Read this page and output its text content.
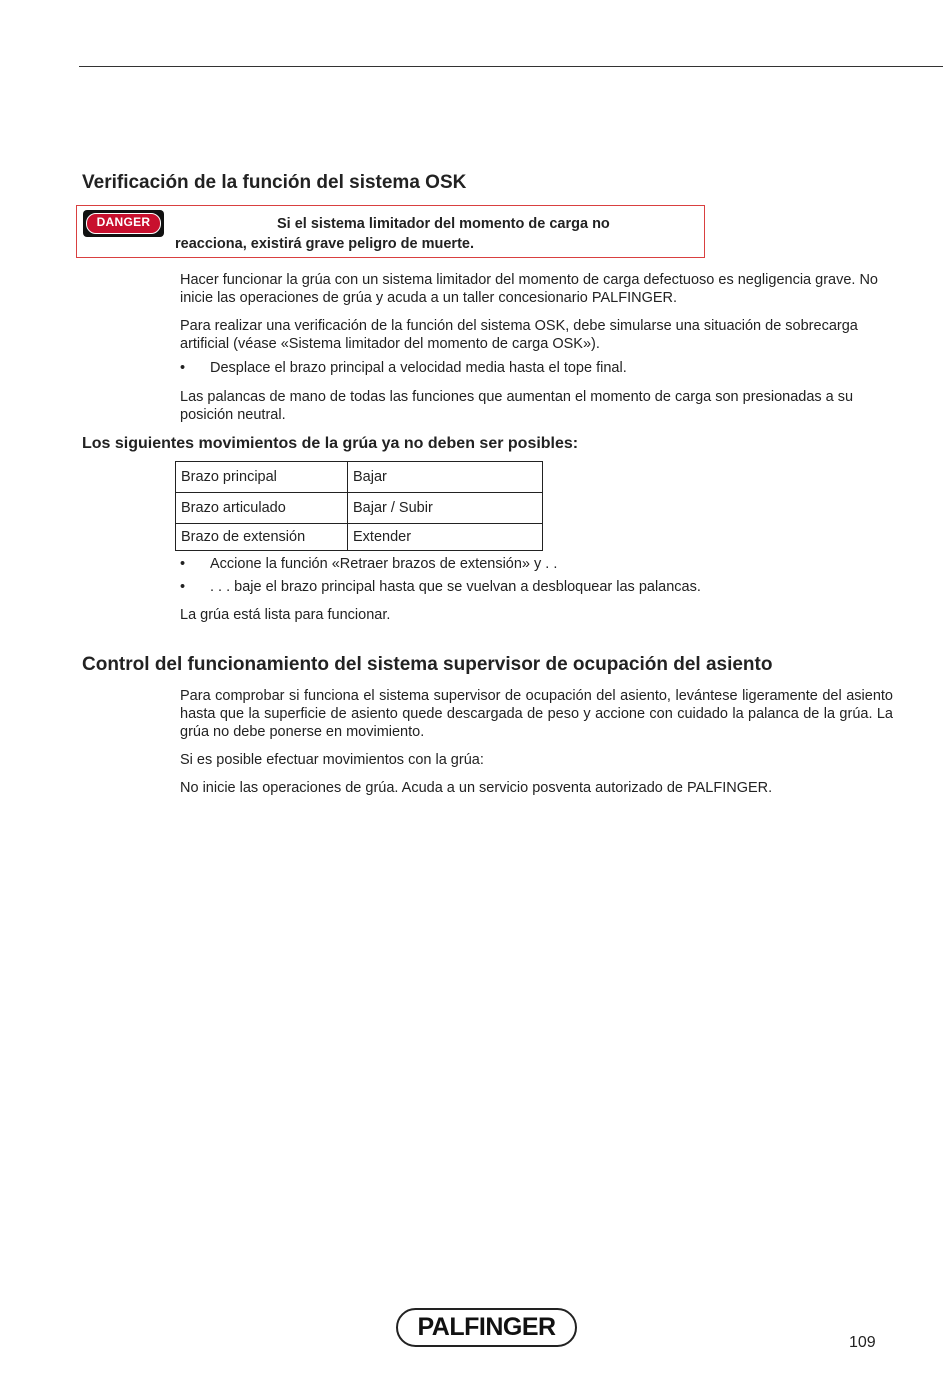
Verificación de la función del sistema OSK
DANGER	Si el sistema limitador del momento de carga no
reacciona, existirá grave peligro de muerte.

Hacer funcionar la grúa con un sistema limitador del momento de carga defectuoso es negligencia grave. No inicie las operaciones de grúa y acuda a un taller concesionario PALFINGER.

Para realizar una verificación de la función del sistema OSK, debe simularse una situación de sobrecarga artificial (véase «Sistema limitador del momento de carga OSK»).

• Desplace el brazo principal a velocidad media hasta el tope final.

Las palancas de mano de todas las funciones que aumentan el momento de carga son presionadas a su posición neutral.

Los siguientes movimientos de la grúa ya no deben ser posibles:
Brazo principal	Bajar
Brazo articulado	Bajar / Subir
Brazo de extensión	Extender
• Accione la función «Retraer brazos de extensión» y . .
• . . . baje el brazo principal hasta que se vuelvan a desbloquear las palancas.

La grúa está lista para funcionar.

Control del funcionamiento del sistema supervisor de ocupación del asiento

Para comprobar si funciona el sistema supervisor de ocupación del asiento, levántese ligeramente del asiento hasta que la superficie de asiento quede descargada de peso y accione con cuidado la palanca de la grúa. La grúa no debe ponerse en movimiento.

Si es posible efectuar movimientos con la grúa:

No inicie las operaciones de grúa. Acuda a un servicio posventa autorizado de PALFINGER.

PALFINGER
109
